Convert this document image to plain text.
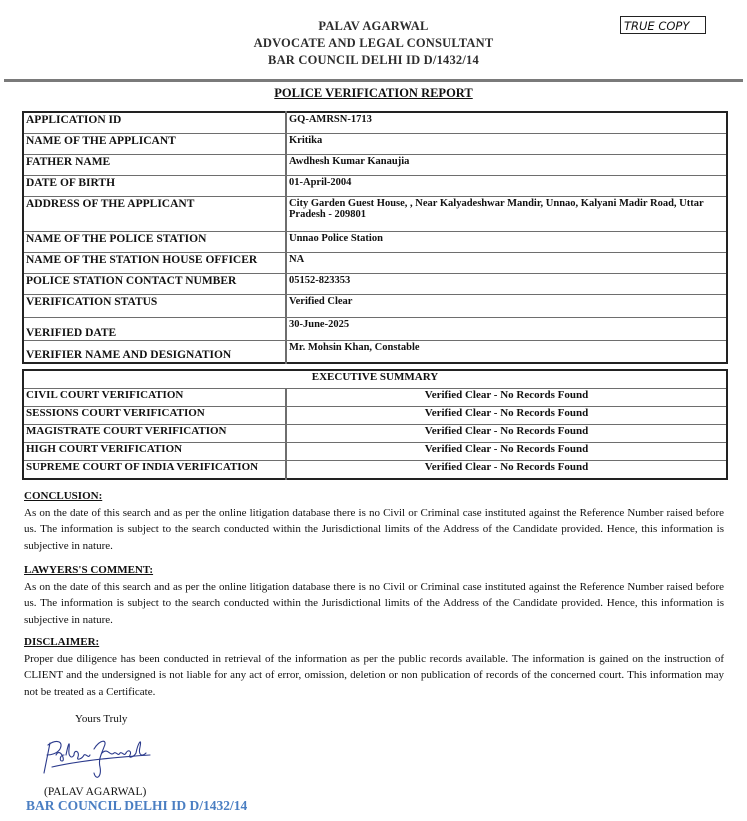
PALAV AGARWAL
ADVOCATE AND LEGAL CONSULTANT
BAR COUNCIL DELHI ID D/1432/14
TRUE COPY
POLICE VERIFICATION REPORT
APPLICATION ID	GQ-AMRSN-1713
NAME OF THE APPLICANT	Kritika
FATHER NAME	Awdhesh Kumar Kanaujia
DATE OF BIRTH	01-April-2004
ADDRESS OF THE APPLICANT	City Garden Guest House, , Near Kalyadeshwar Mandir, Unnao, Kalyani Madir Road, Uttar Pradesh - 209801
NAME OF THE POLICE STATION	Unnao Police Station
NAME OF THE STATION HOUSE OFFICER	NA
POLICE STATION CONTACT NUMBER	05152-823353
VERIFICATION STATUS	Verified Clear
VERIFIED DATE	30-June-2025
VERIFIER NAME AND DESIGNATION	Mr. Mohsin Khan, Constable
EXECUTIVE SUMMARY	
CIVIL COURT VERIFICATION	Verified Clear - No Records Found
SESSIONS COURT VERIFICATION	Verified Clear - No Records Found
MAGISTRATE COURT VERIFICATION	Verified Clear - No Records Found
HIGH COURT VERIFICATION	Verified Clear - No Records Found
SUPREME COURT OF INDIA VERIFICATION	Verified Clear - No Records Found
CONCLUSION:

As on the date of this search and as per the online litigation database there is no Civil or Criminal case instituted against the Reference Number raised before us. The information is subject to the search conducted within the Jurisdictional limits of the Address of the Candidate provided. Hence, this information is subjective in nature.

LAWYERS'S COMMENT:

As on the date of this search and as per the online litigation database there is no Civil or Criminal case instituted against the Reference Number raised before us. The information is subject to the search conducted within the Jurisdictional limits of the Address of the Candidate provided. Hence, this information is subjective in nature.

DISCLAIMER:

Proper due diligence has been conducted in retrieval of the information as per the public records available. The information is gained on the instruction of CLIENT and the undersigned is not liable for any act of error, omission, deletion or non publication of records of the concerned court. This information may not be treated as a Certificate.

Yours Truly
(PALAV AGARWAL)
BAR COUNCIL DELHI ID D/1432/14
